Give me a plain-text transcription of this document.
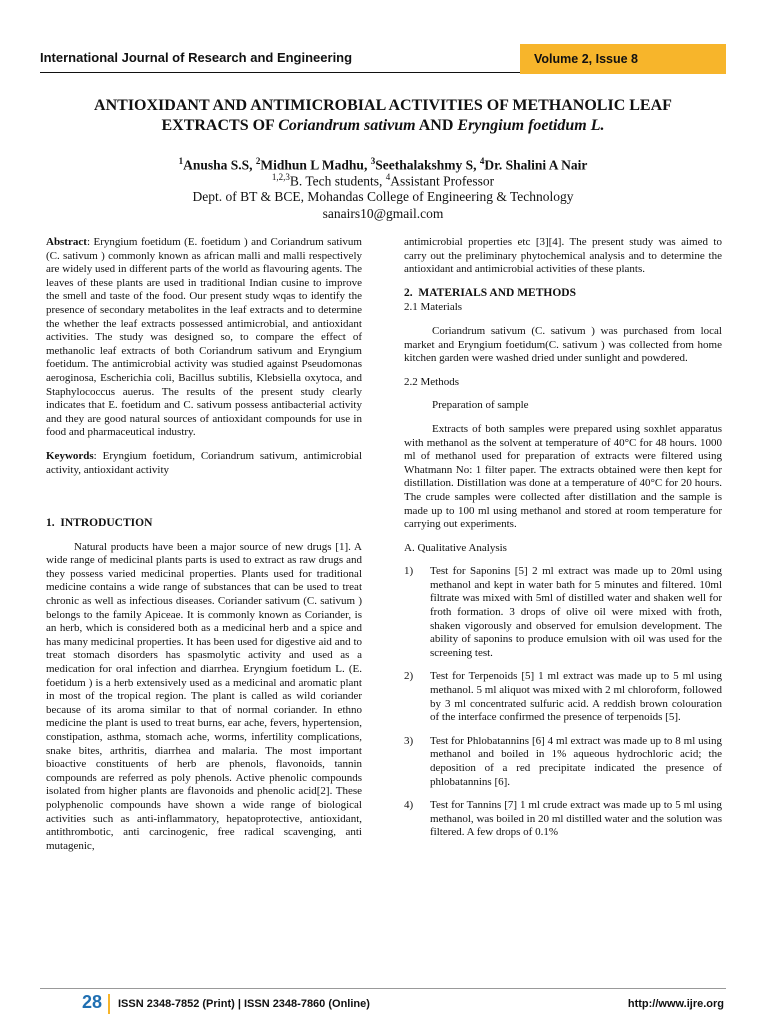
International Journal of Research and Engineering	Volume 2, Issue 8
ANTIOXIDANT AND ANTIMICROBIAL ACTIVITIES OF METHANOLIC LEAF
EXTRACTS OF Coriandrum sativum AND Eryngium foetidum L.
$^1$Anusha S.S, $^2$Midhun L Madhu, $^3$Seethalakshmy S, $^4$Dr. Shalini A Nair
$^{1,2,3}$B. Tech students, $^4$Assistant Professor
Dept. of BT & BCE, Mohandas College of Engineering & Technology
sanairs10@gmail.com

Abstract: Eryngium foetidum (E. foetidum ) and Coriandrum sativum (C. sativum ) commonly known as african malli and malli respectively are widely used in different parts of the world as flavouring agents. The leaves of these plants are used in traditional Indian cusine to improve the smell and taste of the food. Our present study wqas to identify the presence of secondary metabolites in the leaf extracts and to determine the whether the leaf extracts possessed antimicrobial, and antioxidant activities. The study was designed so, to compare the effect of methanolic leaf extracts of both Coriandrum sativum and Eryngium foetidum. The antimicrobial activity was studied against Pseudomonas aeroginosa, Escherichia coli, Bacillus subtilis, Klebsiella oxytoca, and Staphylococcus auerus. The results of the present study clearly indicates that E. foetidum and C. sativum possess antibacterial activity and they are good natural sources of antioxidant compounds for use in food and pharmaceutical industry.

Keywords: Eryngium foetidum, Coriandrum sativum, antimicrobial activity, antioxidant activity

1. INTRODUCTION

Natural products have been a major source of new drugs [1]. A wide range of medicinal plants parts is used to extract as raw drugs and they possess varied medicinal properties. Plants used for traditional medicine contains a wide range of substances that can be used to treat chronic as well as infectious diseases. Coriander sativum (C. sativum ) belongs to the family Apiceae. It is commonly known as Coriander, is an herb, which is considered both as a medicinal herb and a spice and has many medicinal properties. It has been used for digestive aid and to treat stomach disorders has spasmolytic activity and used as a medication for oral infection and diarrhea. Eryngium foetidum L. (E. foetidum ) is a herb extensively used as a medicinal and aromatic plant in most of the tropical region. The plant is called as wild coriander because of its aroma similar to that of normal coriander. In ethno medicine the plant is used to treat burns, ear ache, fevers, hypertension, constipation, asthma, stomach ache, worms, infertility complications, snake bites, arthritis, diarrhea and malaria. The most important bioactive constituents of herb are phenols, flavonoids, tannin compounds are referred as poly phenols. Active phenolic compounds isolated from higher plants are flavonoids and phenolic acid[2]. These polyphenolic compounds have shown a wide range of biological activities such as anti-inflammatory, hepatoprotective, antioxidant, antithrombotic, anti carcinogenic, free radical scavenging, anti mutagenic,

antimicrobial properties etc [3][4]. The present study was aimed to carry out the preliminary phytochemical analysis and to determine the antioxidant and antimicrobial activities of these plants.

2. MATERIALS AND METHODS

2.1 Materials

Coriandrum sativum (C. sativum ) was purchased from local market and Eryngium foetidum(C. sativum ) was collected from home kitchen garden were washed dried under sunlight and powdered.

2.2 Methods

Preparation of sample

Extracts of both samples were prepared using soxhlet apparatus with methanol as the solvent at temperature of 40°C for 48 hours. 1000 ml of methanol used for preparation of extracts were filtered using Whatmann No: 1 filter paper. The extracts obtained were then kept for distillation. Distillation was done at a temperature of 40°C for 20 hours. The crude samples were collected after distillation and the sample is made up to 100 ml using methanol and stored at room temperature for carrying out experiments.

A. Qualitative Analysis

1)	Test for Saponins [5] 2 ml extract was made up to 20ml using methanol and kept in water bath for 5 minutes and filtered. 10ml filtrate was mixed with 5ml of distilled water and shaken well for froth formation. 3 drops of olive oil were mixed with froth, shaken vigorously and observed for emulsion development. The ability of saponins to produce emulsion with oil was used for the screening test.
2)	Test for Terpenoids [5] 1 ml extract was made up to 5 ml using methanol. 5 ml aliquot was mixed with 2 ml chloroform, followed by 3 ml concentrated sulfuric acid. A reddish brown colouration of the interface confirmed the presence of terpenoids [5].
3)	Test for Phlobatannins [6] 4 ml extract was made up to 8 ml using methanol and boiled in 1% aqueous hydrochloric acid; the deposition of a red precipitate indicated the presence of phlobatannins [6].
4)	Test for Tannins [7] 1 ml crude extract was made up to 5 ml using methanol, was boiled in 20 ml distilled water and the solution was filtered. A few drops of 0.1%
28 ISSN 2348-7852 (Print) | ISSN 2348-7860 (Online)	http://www.ijre.org
